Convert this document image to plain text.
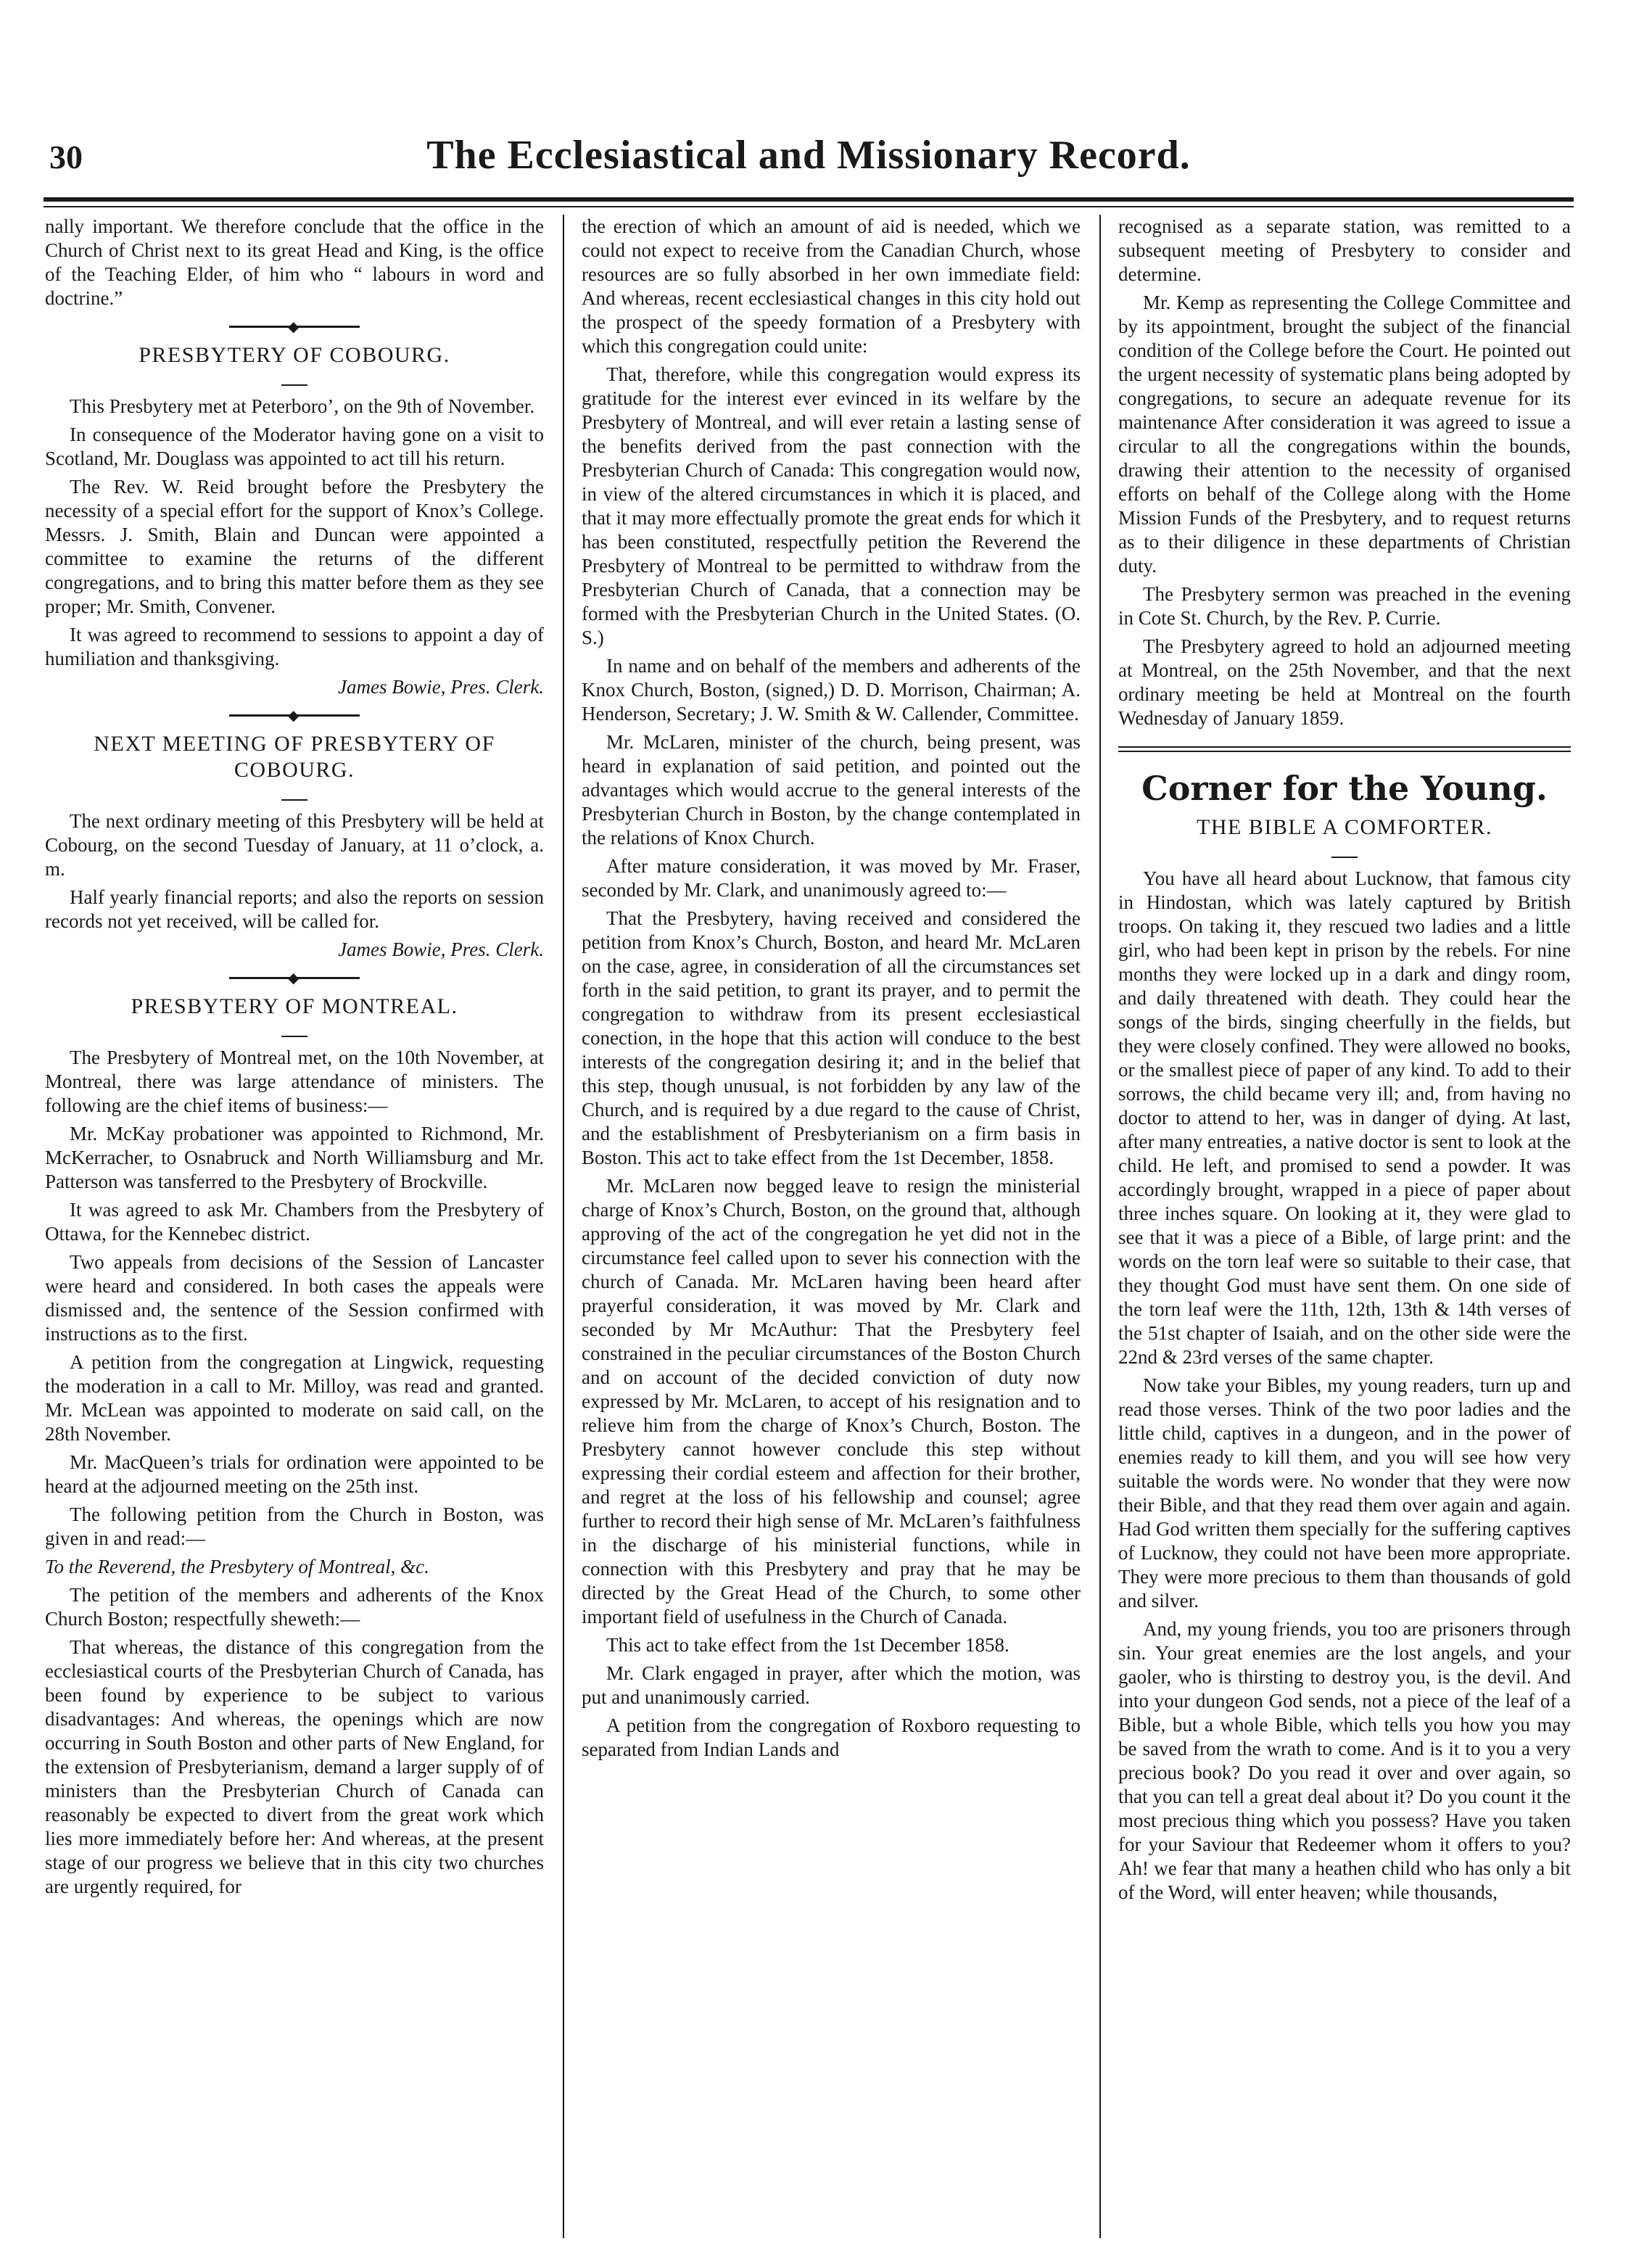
30	The Ecclesiastical and Missionary Record.

nally important. We therefore conclude that the office in the Church of Christ next to its great Head and King, is the office of the Teaching Elder, of him who “ labours in word and doctrine.”

◆
PRESBYTERY OF COBOURG.

This Presbytery met at Peterboro’, on the 9th of November.

In consequence of the Moderator having gone on a visit to Scotland, Mr. Douglass was appointed to act till his return.

The Rev. W. Reid brought before the Presbytery the necessity of a special effort for the support of Knox’s College. Messrs. J. Smith, Blain and Duncan were appointed a committee to examine the returns of the different congregations, and to bring this matter before them as they see proper; Mr. Smith, Convener.

It was agreed to recommend to sessions to appoint a day of humiliation and thanksgiving.

James Bowie, Pres. Clerk.

◆
NEXT MEETING OF PRESBYTERY OF COBOURG.

The next ordinary meeting of this Presbytery will be held at Cobourg, on the second Tuesday of January, at 11 o’clock, a. m.

Half yearly financial reports; and also the reports on session records not yet received, will be called for.

James Bowie, Pres. Clerk.

◆
PRESBYTERY OF MONTREAL.

The Presbytery of Montreal met, on the 10th November, at Montreal, there was large attendance of ministers. The following are the chief items of business:—

Mr. McKay probationer was appointed to Richmond, Mr. McKerracher, to Osnabruck and North Williamsburg and Mr. Patterson was tansferred to the Presbytery of Brockville.

It was agreed to ask Mr. Chambers from the Presbytery of Ottawa, for the Kennebec district.

Two appeals from decisions of the Session of Lancaster were heard and considered. In both cases the appeals were dismissed and, the sentence of the Session confirmed with instructions as to the first.

A petition from the congregation at Lingwick, requesting the moderation in a call to Mr. Milloy, was read and granted. Mr. McLean was appointed to moderate on said call, on the 28th November.

Mr. MacQueen’s trials for ordination were appointed to be heard at the adjourned meeting on the 25th inst.

The following petition from the Church in Boston, was given in and read:—

To the Reverend, the Presbytery of Montreal, &c.

The petition of the members and adherents of the Knox Church Boston; respectfully sheweth:—

That whereas, the distance of this congregation from the ecclesiastical courts of the Presbyterian Church of Canada, has been found by experience to be subject to various disadvantages: And whereas, the openings which are now occurring in South Boston and other parts of New England, for the extension of Presbyterianism, demand a larger supply of of ministers than the Presbyterian Church of Canada can reasonably be expected to divert from the great work which lies more immediately before her: And whereas, at the present stage of our progress we believe that in this city two churches are urgently required, for

the erection of which an amount of aid is needed, which we could not expect to receive from the Canadian Church, whose resources are so fully absorbed in her own immediate field: And whereas, recent ecclesiastical changes in this city hold out the prospect of the speedy formation of a Presbytery with which this congregation could unite:

That, therefore, while this congregation would express its gratitude for the interest ever evinced in its welfare by the Presbytery of Montreal, and will ever retain a lasting sense of the benefits derived from the past connection with the Presbyterian Church of Canada: This congregation would now, in view of the altered circumstances in which it is placed, and that it may more effectually promote the great ends for which it has been constituted, respectfully petition the Reverend the Presbytery of Montreal to be permitted to withdraw from the Presbyterian Church of Canada, that a connection may be formed with the Presbyterian Church in the United States. (O. S.)

In name and on behalf of the members and adherents of the Knox Church, Boston, (signed,) D. D. Morrison, Chairman; A. Henderson, Secretary; J. W. Smith & W. Callender, Committee.

Mr. McLaren, minister of the church, being present, was heard in explanation of said petition, and pointed out the advantages which would accrue to the general interests of the Presbyterian Church in Boston, by the change contemplated in the relations of Knox Church.

After mature consideration, it was moved by Mr. Fraser, seconded by Mr. Clark, and unanimously agreed to:—

That the Presbytery, having received and considered the petition from Knox’s Church, Boston, and heard Mr. McLaren on the case, agree, in consideration of all the circumstances set forth in the said petition, to grant its prayer, and to permit the congregation to withdraw from its present ecclesiastical conection, in the hope that this action will conduce to the best interests of the congregation desiring it; and in the belief that this step, though unusual, is not forbidden by any law of the Church, and is required by a due regard to the cause of Christ, and the establishment of Presbyterianism on a firm basis in Boston. This act to take effect from the 1st December, 1858.

Mr. McLaren now begged leave to resign the ministerial charge of Knox’s Church, Boston, on the ground that, although approving of the act of the congregation he yet did not in the circumstance feel called upon to sever his connection with the church of Canada. Mr. McLaren having been heard after prayerful consideration, it was moved by Mr. Clark and seconded by Mr McAuthur: That the Presbytery feel constrained in the peculiar circumstances of the Boston Church and on account of the decided conviction of duty now expressed by Mr. McLaren, to accept of his resignation and to relieve him from the charge of Knox’s Church, Boston. The Presbytery cannot however conclude this step without expressing their cordial esteem and affection for their brother, and regret at the loss of his fellowship and counsel; agree further to record their high sense of Mr. McLaren’s faithfulness in the discharge of his ministerial functions, while in connection with this Presbytery and pray that he may be directed by the Great Head of the Church, to some other important field of usefulness in the Church of Canada.

This act to take effect from the 1st December 1858.

Mr. Clark engaged in prayer, after which the motion, was put and unanimously carried.

A petition from the congregation of Roxboro requesting to separated from Indian Lands and

recognised as a separate station, was remitted to a subsequent meeting of Presbytery to consider and determine.

Mr. Kemp as representing the College Committee and by its appointment, brought the subject of the financial condition of the College before the Court. He pointed out the urgent necessity of systematic plans being adopted by congregations, to secure an adequate revenue for its maintenance After consideration it was agreed to issue a circular to all the congregations within the bounds, drawing their attention to the necessity of organised efforts on behalf of the College along with the Home Mission Funds of the Presbytery, and to request returns as to their diligence in these departments of Christian duty.

The Presbytery sermon was preached in the evening in Cote St. Church, by the Rev. P. Currie.

The Presbytery agreed to hold an adjourned meeting at Montreal, on the 25th November, and that the next ordinary meeting be held at Montreal on the fourth Wednesday of January 1859.

Corner for the Young.
THE BIBLE A COMFORTER.

You have all heard about Lucknow, that famous city in Hindostan, which was lately captured by British troops. On taking it, they rescued two ladies and a little girl, who had been kept in prison by the rebels. For nine months they were locked up in a dark and dingy room, and daily threatened with death. They could hear the songs of the birds, singing cheerfully in the fields, but they were closely confined. They were allowed no books, or the smallest piece of paper of any kind. To add to their sorrows, the child became very ill; and, from having no doctor to attend to her, was in danger of dying. At last, after many entreaties, a native doctor is sent to look at the child. He left, and promised to send a powder. It was accordingly brought, wrapped in a piece of paper about three inches square. On looking at it, they were glad to see that it was a piece of a Bible, of large print: and the words on the torn leaf were so suitable to their case, that they thought God must have sent them. On one side of the torn leaf were the 11th, 12th, 13th & 14th verses of the 51st chapter of Isaiah, and on the other side were the 22nd & 23rd verses of the same chapter.

Now take your Bibles, my young readers, turn up and read those verses. Think of the two poor ladies and the little child, captives in a dungeon, and in the power of enemies ready to kill them, and you will see how very suitable the words were. No wonder that they were now their Bible, and that they read them over again and again. Had God written them specially for the suffering captives of Lucknow, they could not have been more appropriate. They were more precious to them than thousands of gold and silver.

And, my young friends, you too are prisoners through sin. Your great enemies are the lost angels, and your gaoler, who is thirsting to destroy you, is the devil. And into your dungeon God sends, not a piece of the leaf of a Bible, but a whole Bible, which tells you how you may be saved from the wrath to come. And is it to you a very precious book? Do you read it over and over again, so that you can tell a great deal about it? Do you count it the most precious thing which you possess? Have you taken for your Saviour that Redeemer whom it offers to you? Ah! we fear that many a heathen child who has only a bit of the Word, will enter heaven; while thousands,
